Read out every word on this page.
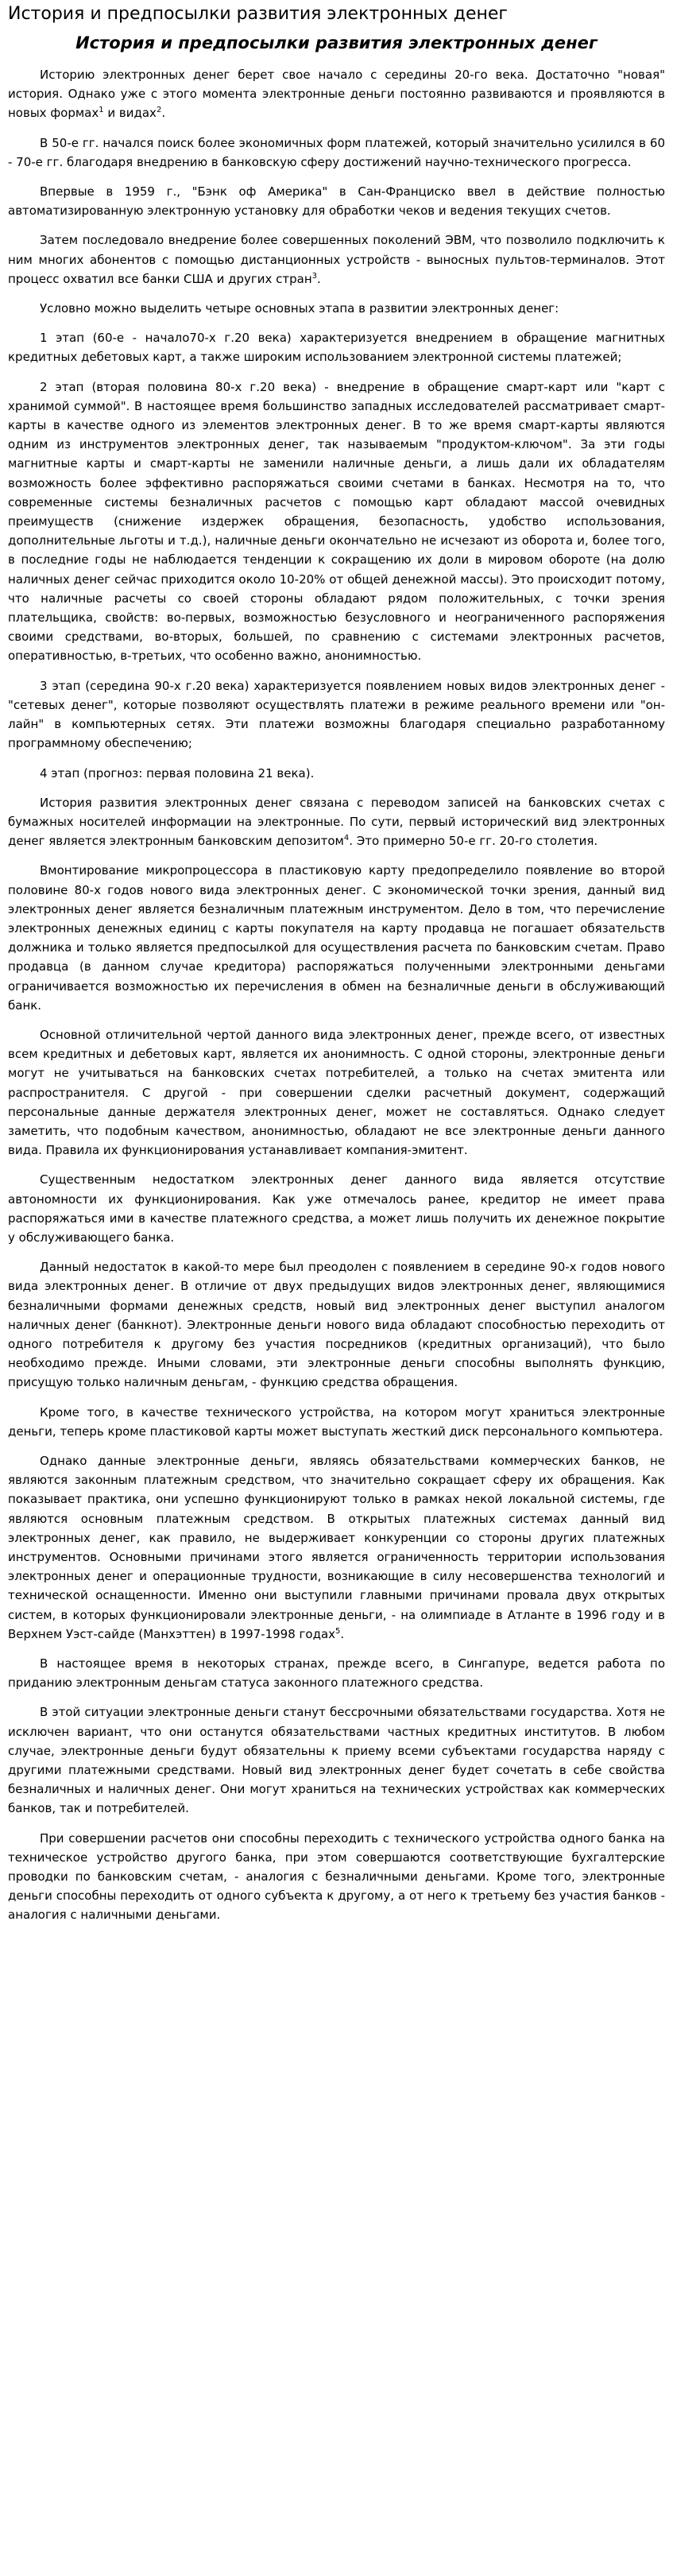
История и предпосылки развития электронных денег
История и предпосылки развития электронных денег

Историю электронных денег берет свое начало с середины 20-го века. Достаточно "новая" история. Однако уже с этого момента электронные деньги постоянно развиваются и проявляются в новых формах$^1$ и видах$^2$.

В 50-е гг. начался поиск более экономичных форм платежей, который значительно усилился в 60 - 70-е гг. благодаря внедрению в банковскую сферу достижений научно-технического прогресса.

Впервые в 1959 г., "Бэнк оф Америка" в Сан-Франциско ввел в действие полностью автоматизированную электронную установку для обработки чеков и ведения текущих счетов.

Затем последовало внедрение более совершенных поколений ЭВМ, что позволило подключить к ним многих абонентов с помощью дистанционных устройств - выносных пультов-терминалов. Этот процесс охватил все банки США и других стран$^3$.

Условно можно выделить четыре основных этапа в развитии электронных денег:

1 этап (60-е - начало70-х г.20 века) характеризуется внедрением в обращение магнитных кредитных дебетовых карт, а также широким использованием электронной системы платежей;

2 этап (вторая половина 80-х г.20 века) - внедрение в обращение смарт-карт или "карт с хранимой суммой". В настоящее время большинство западных исследователей рассматривает смарт-карты в качестве одного из элементов электронных денег. В то же время смарт-карты являются одним из инструментов электронных денег, так называемым "продуктом-ключом". За эти годы магнитные карты и смарт-карты не заменили наличные деньги, а лишь дали их обладателям возможность более эффективно распоряжаться своими счетами в банках. Несмотря на то, что современные системы безналичных расчетов с помощью карт обладают массой очевидных преимуществ (снижение издержек обращения, безопасность, удобство использования, дополнительные льготы и т.д.), наличные деньги окончательно не исчезают из оборота и, более того, в последние годы не наблюдается тенденции к сокращению их доли в мировом обороте (на долю наличных денег сейчас приходится около 10-20% от общей денежной массы). Это происходит потому, что наличные расчеты со своей стороны обладают рядом положительных, с точки зрения плательщика, свойств: во-первых, возможностью безусловного и неограниченного распоряжения своими средствами, во-вторых, большей, по сравнению с системами электронных расчетов, оперативностью, в-третьих, что особенно важно, анонимностью.

3 этап (середина 90-х г.20 века) характеризуется появлением новых видов электронных денег - "сетевых денег", которые позволяют осуществлять платежи в режиме реального времени или "он-лайн" в компьютерных сетях. Эти платежи возможны благодаря специально разработанному программному обеспечению;

4 этап (прогноз: первая половина 21 века).

История развития электронных денег связана с переводом записей на банковских счетах с бумажных носителей информации на электронные. По сути, первый исторический вид электронных денег является электронным банковским депозитом$^4$. Это примерно 50-е гг. 20-го столетия.

Вмонтирование микропроцессора в пластиковую карту предопределило появление во второй половине 80-х годов нового вида электронных денег. С экономической точки зрения, данный вид электронных денег является безналичным платежным инструментом. Дело в том, что перечисление электронных денежных единиц с карты покупателя на карту продавца не погашает обязательств должника и только является предпосылкой для осуществления расчета по банковским счетам. Право продавца (в данном случае кредитора) распоряжаться полученными электронными деньгами ограничивается возможностью их перечисления в обмен на безналичные деньги в обслуживающий банк.

Основной отличительной чертой данного вида электронных денег, прежде всего, от известных всем кредитных и дебетовых карт, является их анонимность. С одной стороны, электронные деньги могут не учитываться на банковских счетах потребителей, а только на счетах эмитента или распространителя. С другой - при совершении сделки расчетный документ, содержащий персональные данные держателя электронных денег, может не составляться. Однако следует заметить, что подобным качеством, анонимностью, обладают не все электронные деньги данного вида. Правила их функционирования устанавливает компания-эмитент.

Существенным недостатком электронных денег данного вида является отсутствие автономности их функционирования. Как уже отмечалось ранее, кредитор не имеет права распоряжаться ими в качестве платежного средства, а может лишь получить их денежное покрытие у обслуживающего банка.

Данный недостаток в какой-то мере был преодолен с появлением в середине 90-х годов нового вида электронных денег. В отличие от двух предыдущих видов электронных денег, являющимися безналичными формами денежных средств, новый вид электронных денег выступил аналогом наличных денег (банкнот). Электронные деньги нового вида обладают способностью переходить от одного потребителя к другому без участия посредников (кредитных организаций), что было необходимо прежде. Иными словами, эти электронные деньги способны выполнять функцию, присущую только наличным деньгам, - функцию средства обращения.

Кроме того, в качестве технического устройства, на котором могут храниться электронные деньги, теперь кроме пластиковой карты может выступать жесткий диск персонального компьютера.

Однако данные электронные деньги, являясь обязательствами коммерческих банков, не являются законным платежным средством, что значительно сокращает сферу их обращения. Как показывает практика, они успешно функционируют только в рамках некой локальной системы, где являются основным платежным средством. В открытых платежных системах данный вид электронных денег, как правило, не выдерживает конкуренции со стороны других платежных инструментов. Основными причинами этого является ограниченность территории использования электронных денег и операционные трудности, возникающие в силу несовершенства технологий и технической оснащенности. Именно они выступили главными причинами провала двух открытых систем, в которых функционировали электронные деньги, - на олимпиаде в Атланте в 1996 году и в Верхнем Уэст-сайде (Манхэттен) в 1997-1998 годах$^5$.

В настоящее время в некоторых странах, прежде всего, в Сингапуре, ведется работа по приданию электронным деньгам статуса законного платежного средства.

В этой ситуации электронные деньги станут бессрочными обязательствами государства. Хотя не исключен вариант, что они останутся обязательствами частных кредитных институтов. В любом случае, электронные деньги будут обязательны к приему всеми субъектами государства наряду с другими платежными средствами. Новый вид электронных денег будет сочетать в себе свойства безналичных и наличных денег. Они могут храниться на технических устройствах как коммерческих банков, так и потребителей.

При совершении расчетов они способны переходить с технического устройства одного банка на техническое устройство другого банка, при этом совершаются соответствующие бухгалтерские проводки по банковским счетам, - аналогия с безналичными деньгами. Кроме того, электронные деньги способны переходить от одного субъекта к другому, а от него к третьему без участия банков - аналогия с наличными деньгами.
